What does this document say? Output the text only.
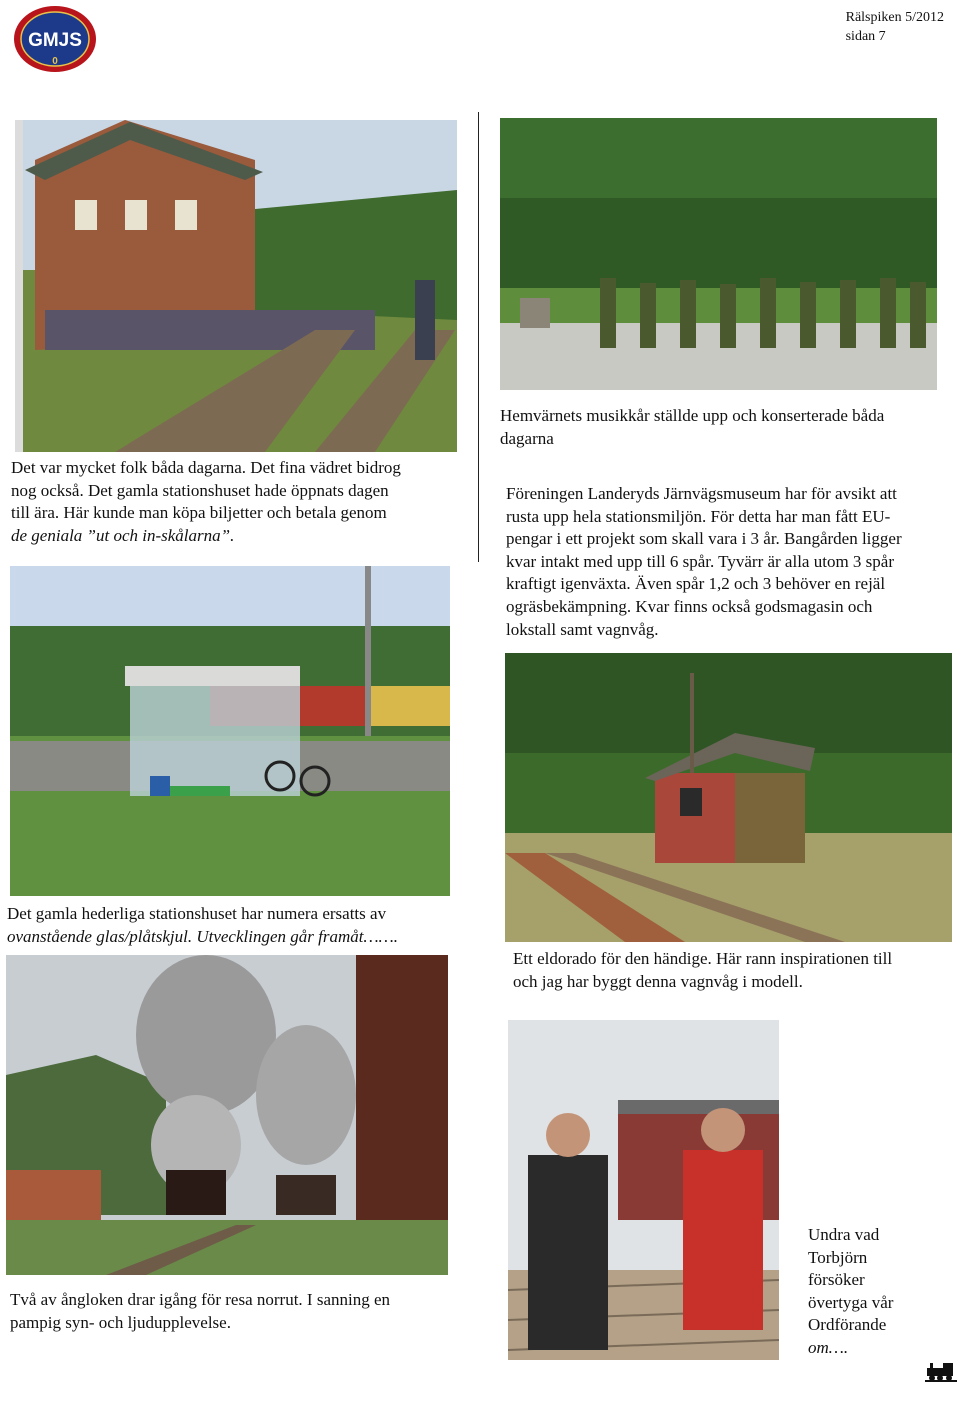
GMJS
0
Rälspiken 5/2012
sidan 7
Det var mycket folk båda dagarna. Det fina vädret bidrog
nog också. Det gamla stationshuset hade öppnats dagen
till ära. Här kunde man köpa biljetter och betala genom
de geniala ”ut och in-skålarna”.
Hemvärnets musikkår ställde upp och konserterade båda
dagarna
Föreningen Landeryds Järnvägsmuseum har för avsikt att
rusta upp hela stationsmiljön. För detta har man fått EU-
pengar i ett projekt som skall vara i 3 år. Bangården ligger
kvar intakt med upp till 6 spår. Tyvärr är alla utom 3 spår
kraftigt igenväxta. Även spår 1,2 och 3 behöver en rejäl
ogräsbekämpning. Kvar finns också godsmagasin och
lokstall samt vagnvåg.
Det gamla hederliga stationshuset har numera ersatts av
ovanstående glas/plåtskjul. Utvecklingen går framåt…….
Ett eldorado för den händige. Här rann inspirationen till
och jag har byggt denna vagnvåg i modell.
Två av ångloken drar igång för resa norrut. I sanning en
pampig syn- och ljudupplevelse.
Undra vad
Torbjörn
försöker
övertyga vår
Ordförande
om….
